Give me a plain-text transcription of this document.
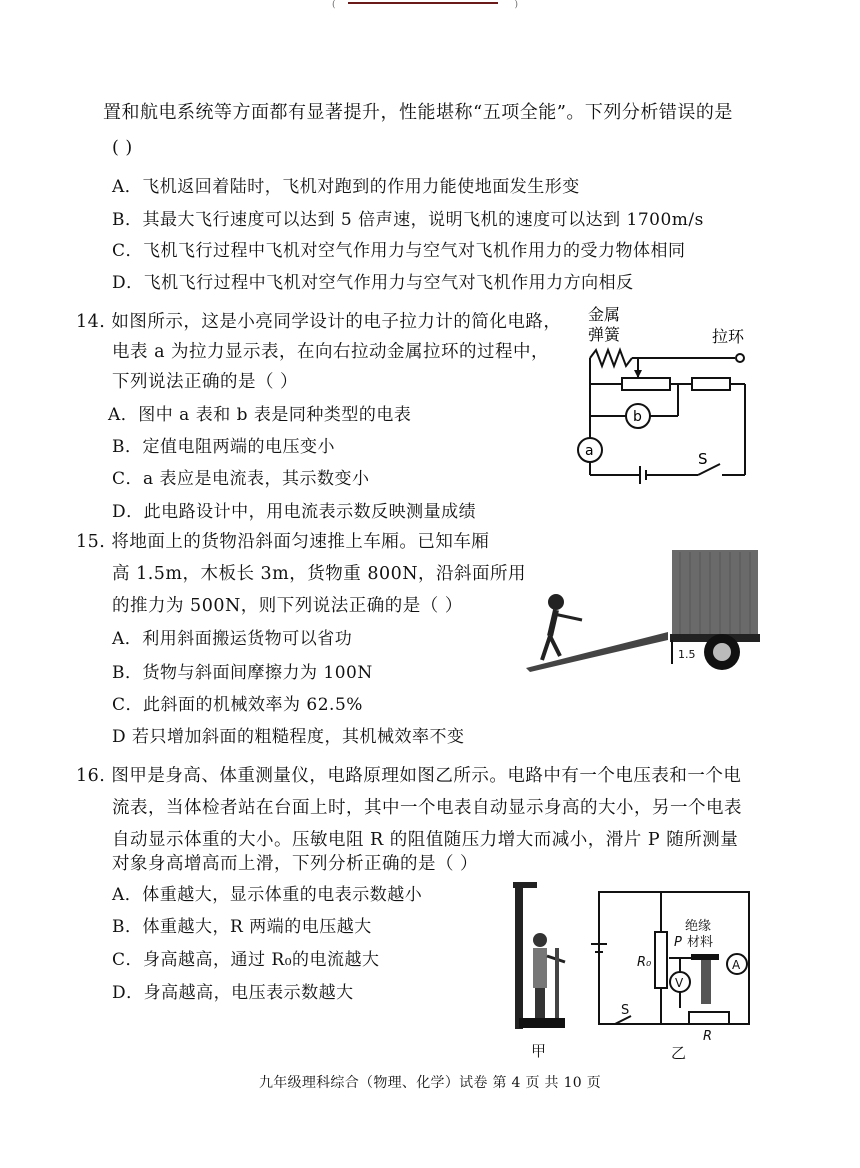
(	)
置和航电系统等方面都有显著提升，性能堪称“五项全能”。下列分析错误的是
( )
A．飞机返回着陆时，飞机对跑到的作用力能使地面发生形变
B．其最大飞行速度可以达到 5 倍声速，说明飞机的速度可以达到 1700m/s
C．飞机飞行过程中飞机对空气作用力与空气对飞机作用力的受力物体相同
D．飞机飞行过程中飞机对空气作用力与空气对飞机作用力方向相反
14. 如图所示，这是小亮同学设计的电子拉力计的简化电路，
电表 a 为拉力显示表，在向右拉动金属拉环的过程中，
下列说法正确的是（ ）
A．图中 a 表和 b 表是同种类型的电表
B．定值电阻两端的电压变小
C．a 表应是电流表，其示数变小
D．此电路设计中，用电流表示数反映测量成绩
金属
弹簧	拉环
b
a	S
15. 将地面上的货物沿斜面匀速推上车厢。已知车厢
高 1.5m，木板长 3m，货物重 800N，沿斜面所用
的推力为 500N，则下列说法正确的是（ ）
A．利用斜面搬运货物可以省功
B．货物与斜面间摩擦力为 100N
C．此斜面的机械效率为 62.5%
D 若只增加斜面的粗糙程度，其机械效率不变
1.5
16. 图甲是身高、体重测量仪，电路原理如图乙所示。电路中有一个电压表和一个电
流表，当体检者站在台面上时，其中一个电表自动显示身高的大小，另一个电表
自动显示体重的大小。压敏电阻 R 的阻值随压力增大而减小，滑片 P 随所测量
对象身高增高而上滑，下列分析正确的是（ ）
A．体重越大，显示体重的电表示数越小
B．体重越大，R 两端的电压越大
C．身高越高，通过 R₀的电流越大
D．身高越高，电压表示数越大
甲
绝缘
材料
P
R₀
V
A
R
S
乙
九年级理科综合（物理、化学）试卷 第 4 页 共 10 页
